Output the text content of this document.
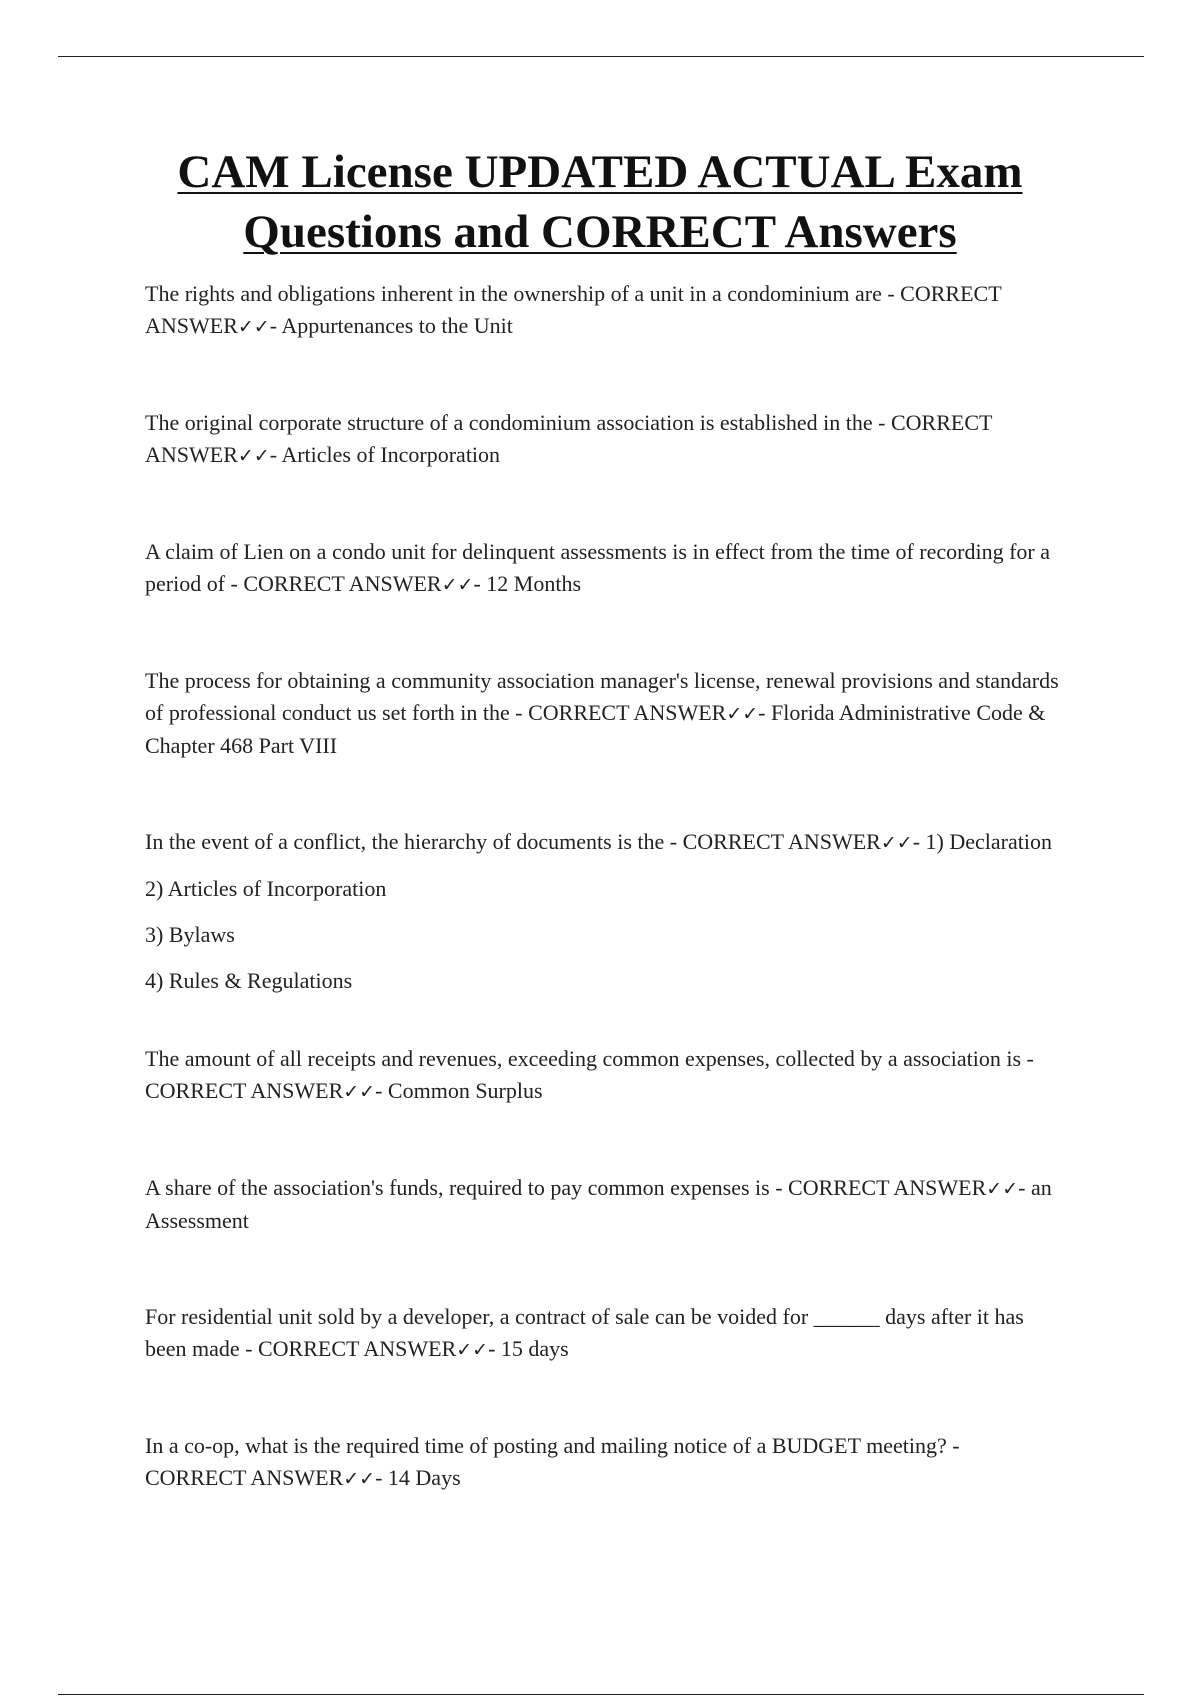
CAM License UPDATED ACTUAL Exam
Questions and CORRECT Answers

The rights and obligations inherent in the ownership of a unit in a condominium are - CORRECT ANSWER✓✓- Appurtenances to the Unit

The original corporate structure of a condominium association is established in the - CORRECT ANSWER✓✓- Articles of Incorporation

A claim of Lien on a condo unit for delinquent assessments is in effect from the time of recording for a period of - CORRECT ANSWER✓✓- 12 Months

The process for obtaining a community association manager's license, renewal provisions and standards of professional conduct us set forth in the - CORRECT ANSWER✓✓- Florida Administrative Code & Chapter 468 Part VIII

In the event of a conflict, the hierarchy of documents is the - CORRECT ANSWER✓✓- 1) Declaration
2) Articles of Incorporation
3) Bylaws
4) Rules & Regulations

The amount of all receipts and revenues, exceeding common expenses, collected by a association is - CORRECT ANSWER✓✓- Common Surplus

A share of the association's funds, required to pay common expenses is - CORRECT ANSWER✓✓- an Assessment

For residential unit sold by a developer, a contract of sale can be voided for ______ days after it has been made - CORRECT ANSWER✓✓- 15 days

In a co-op, what is the required time of posting and mailing notice of a BUDGET meeting? - CORRECT ANSWER✓✓- 14 Days
